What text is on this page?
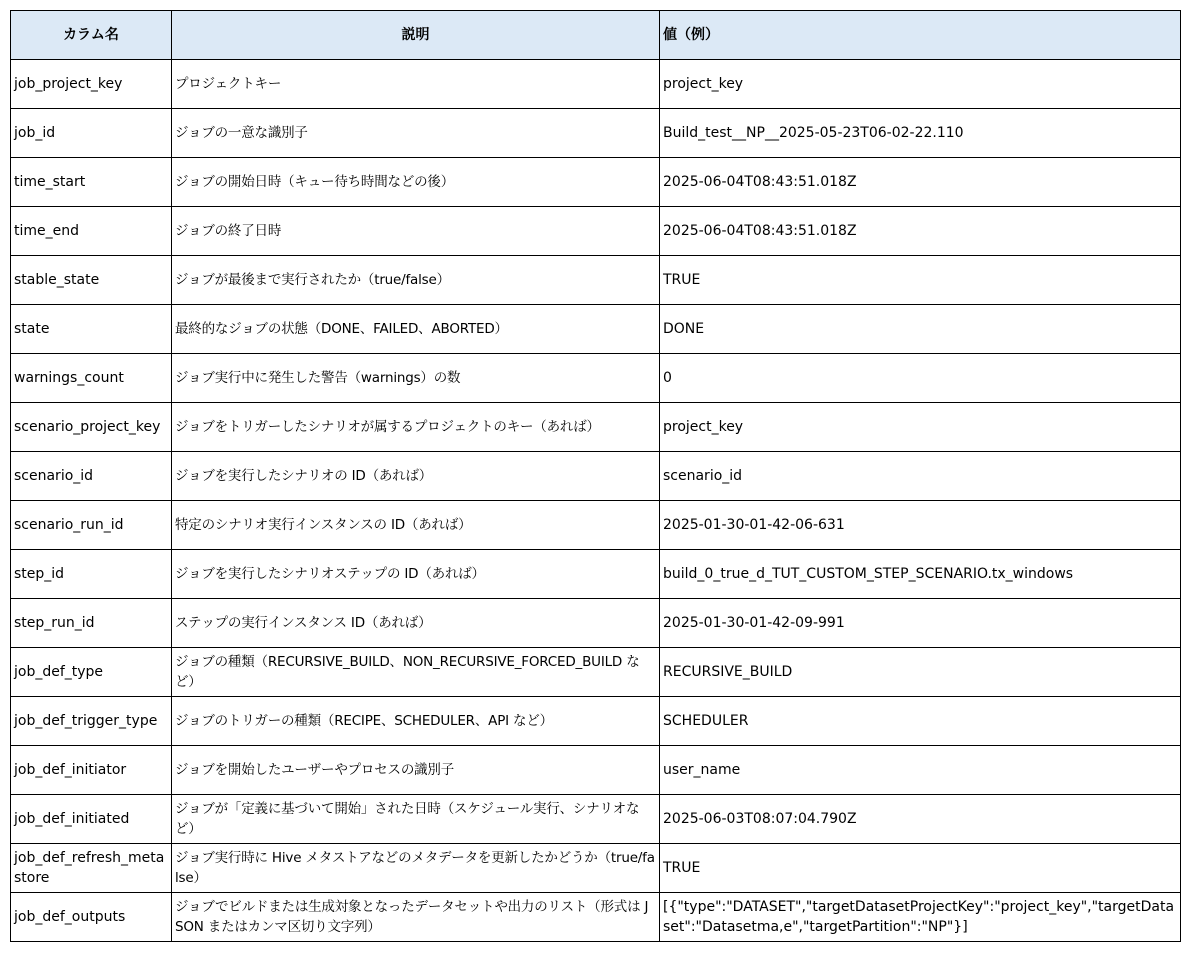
カラム名	説明	値（例）
job_project_key	プロジェクトキー	project_key
job_id	ジョブの一意な識別子	Build_test__NP__2025-05-23T06-02-22.110
time_start	ジョブの開始日時（キュー待ち時間などの後）	2025-06-04T08:43:51.018Z
time_end	ジョブの終了日時	2025-06-04T08:43:51.018Z
stable_state	ジョブが最後まで実行されたか（true/false）	TRUE
state	最終的なジョブの状態（DONE、FAILED、ABORTED）	DONE
warnings_count	ジョブ実行中に発生した警告（warnings）の数	0
scenario_project_key	ジョブをトリガーしたシナリオが属するプロジェクトのキー（あれば）	project_key
scenario_id	ジョブを実行したシナリオの ID（あれば）	scenario_id
scenario_run_id	特定のシナリオ実行インスタンスの ID（あれば）	2025-01-30-01-42-06-631
step_id	ジョブを実行したシナリオステップの ID（あれば）	build_0_true_d_TUT_CUSTOM_STEP_SCENARIO.tx_windows
step_run_id	ステップの実行インスタンス ID（あれば）	2025-01-30-01-42-09-991
job_def_type	ジョブの種類（RECURSIVE_BUILD、NON_RECURSIVE_FORCED_BUILD など）	RECURSIVE_BUILD
job_def_trigger_type	ジョブのトリガーの種類（RECIPE、SCHEDULER、API など）	SCHEDULER
job_def_initiator	ジョブを開始したユーザーやプロセスの識別子	user_name
job_def_initiated	ジョブが「定義に基づいて開始」された日時（スケジュール実行、シナリオなど）	2025-06-03T08:07:04.790Z
job_def_refresh_metastore	ジョブ実行時に Hive メタストアなどのメタデータを更新したかどうか（true/false）	TRUE
job_def_outputs	ジョブでビルドまたは生成対象となったデータセットや出力のリスト（形式は JSON またはカンマ区切り文字列）	[{"type":"DATASET","targetDatasetProjectKey":"project_key","targetDataset":"Datasetma,e","targetPartition":"NP"}]
